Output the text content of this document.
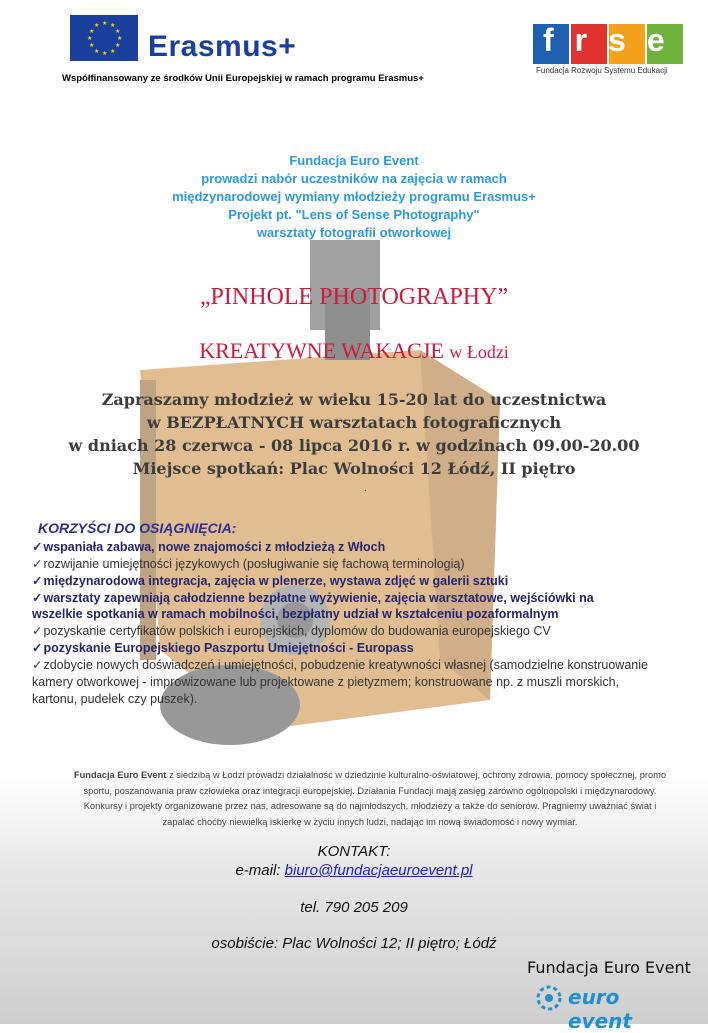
★ ★
★
★
★
★
★
★
★
★
★
★
Erasmus+
Współfinansowany ze środków Unii Europejskiej w ramach programu Erasmus+
frse
Fundacja Rozwoju Systemu Edukacji
Fundacja Euro Event
prowadzi nabór uczestników na zajęcia w ramach
międzynarodowej wymiany młodzieży programu Erasmus+
Projekt pt. "Lens of Sense Photography"
warsztaty fotografii otworkowej
„PINHOLE PHOTOGRAPHY”
KREATYWNE WAKACJE w Łodzi
Zapraszamy młodzież w wieku 15-20 lat do uczestnictwa
w BEZPŁATNYCH warsztatach fotograficznych
w dniach 28 czerwca - 08 lipca 2016 r. w godzinach 09.00-20.00
Miejsce spotkań: Plac Wolności 12 Łódź, II piętro
.
KORZYŚCI DO OSIĄGNIĘCIA:
✓wspaniała zabawa, nowe znajomości z młodzieżą z Włoch
✓rozwijanie umiejętności językowych (posługiwanie się fachową terminologią)
✓międzynarodowa integracja, zajęcia w plenerze, wystawa zdjęć w galerii sztuki
✓warsztaty zapewniają całodzienne bezpłatne wyżywienie, zajęcia warsztatowe, wejściówki na
wszelkie spotkania w ramach mobilności, bezpłatny udział w kształceniu pozaformalnym
✓pozyskanie certyfikatów polskich i europejskich, dyplomów do budowania europejskiego CV
✓pozyskanie Europejskiego Paszportu Umiejętności - Europass
✓zdobycie nowych doświadczeń i umiejętności, pobudzenie kreatywności własnej (samodzielne konstruowanie
kamery otworkowej - improwizowane lub projektowane z pietyzmem; konstruowane np. z muszli morskich,
kartonu, pudełek czy puszek).
Fundacja Euro Event z siedzibą w Łodzi prowadzi działalność w dziedzinie kulturalno-oświatowej, ochrony zdrowia, pomocy społecznej, promo
sportu, poszanowania praw człowieka oraz integracji europejskiej. Działania Fundacji mają zasięg zarówno ogólnopolski i międzynarodowy.
Konkursy i projekty organizowane przez nas, adresowane są do najmłodszych, młodzieży a także do seniorów. Pragniemy uważniać świat i
zapalać choćby niewielką iskierkę w życiu innych ludzi, nadając im nową świadomość i nowy wymiar.
KONTAKT:
e-mail: biuro@fundacjaeuroevent.pl
tel. 790 205 209
osobiście: Plac Wolności 12; II piętro; Łódź
Fundacja Euro Event
euro event
